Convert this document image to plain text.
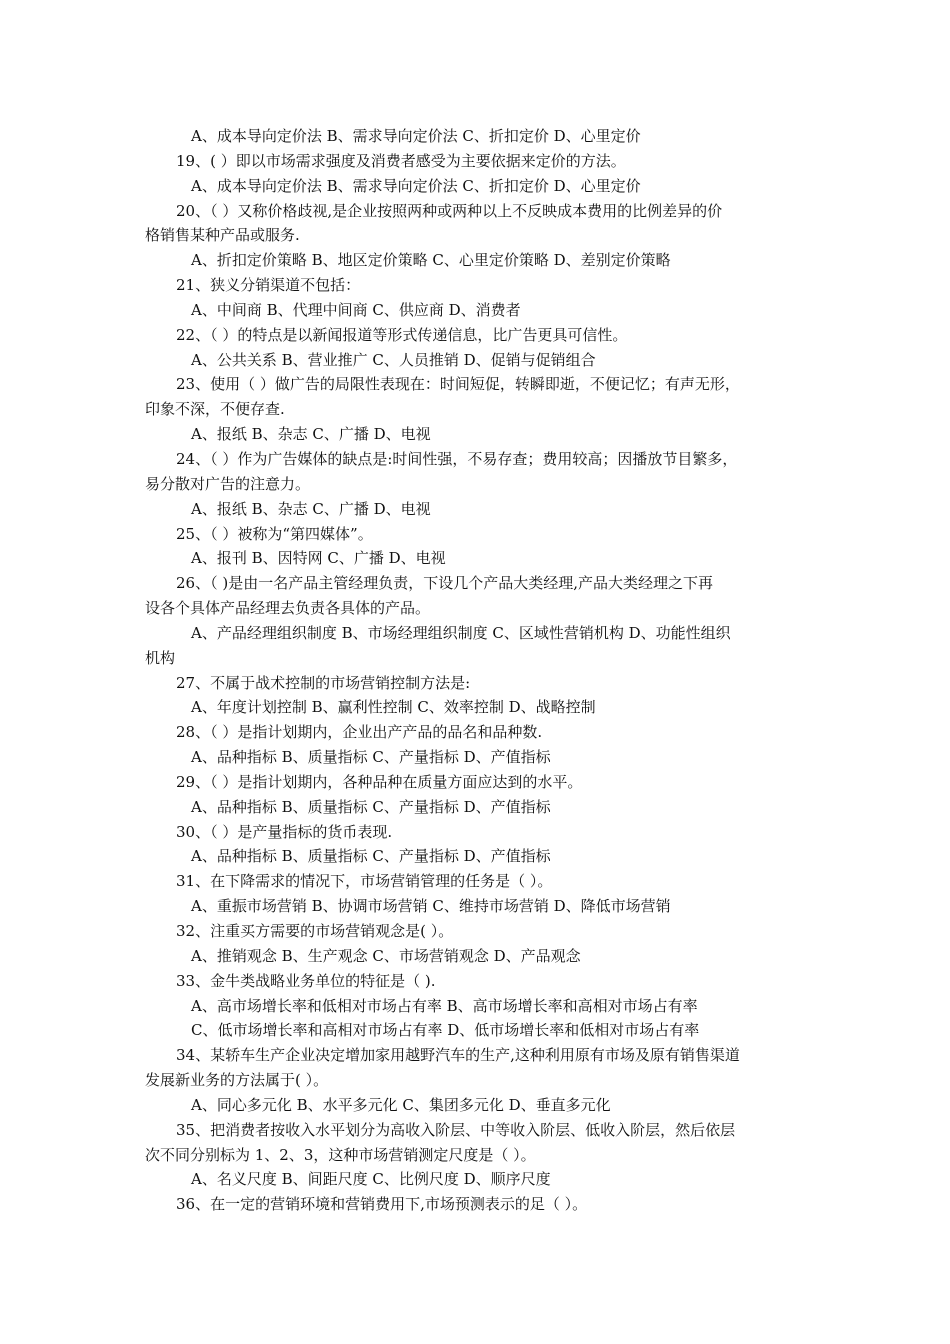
A、成本导向定价法 B、需求导向定价法 C、折扣定价 D、心里定价
19、( ）即以市场需求强度及消费者感受为主要依据来定价的方法。
A、成本导向定价法 B、需求导向定价法 C、折扣定价 D、心里定价
20、（ ）又称价格歧视,是企业按照两种或两种以上不反映成本费用的比例差异的价
格销售某种产品或服务.
A、折扣定价策略 B、地区定价策略 C、心里定价策略 D、差别定价策略
21、狭义分销渠道不包括：
A、中间商 B、代理中间商 C、供应商 D、消费者
22、（ ）的特点是以新闻报道等形式传递信息，比广告更具可信性。
A、公共关系 B、营业推广 C、人员推销 D、促销与促销组合
23、使用（ ）做广告的局限性表现在：时间短促，转瞬即逝，不便记忆；有声无形，
印象不深，不便存查.
A、报纸 B、杂志 C、广播 D、电视
24、（ ）作为广告媒体的缺点是:时间性强，不易存查；费用较高；因播放节目繁多，
易分散对广告的注意力。
A、报纸 B、杂志 C、广播 D、电视
25、（ ）被称为“第四媒体”。
A、报刊 B、因特网 C、广播 D、电视
26、（ )是由一名产品主管经理负责，下设几个产品大类经理,产品大类经理之下再
设各个具体产品经理去负责各具体的产品。
A、产品经理组织制度 B、市场经理组织制度 C、区域性营销机构 D、功能性组织
机构
27、不属于战术控制的市场营销控制方法是:
A、年度计划控制 B、赢利性控制 C、效率控制 D、战略控制
28、（ ）是指计划期内，企业出产产品的品名和品种数.
A、品种指标 B、质量指标 C、产量指标 D、产值指标
29、（ ）是指计划期内，各种品种在质量方面应达到的水平。
A、品种指标 B、质量指标 C、产量指标 D、产值指标
30、（ ）是产量指标的货币表现.
A、品种指标 B、质量指标 C、产量指标 D、产值指标
31、在下降需求的情况下，市场营销管理的任务是（ ）。
A、重振市场营销 B、协调市场营销 C、维持市场营销 D、降低市场营销
32、注重买方需要的市场营销观念是( ）。
A、推销观念 B、生产观念 C、市场营销观念 D、产品观念
33、金牛类战略业务单位的特征是（ ).
A、高市场增长率和低相对市场占有率 B、高市场增长率和高相对市场占有率
C、低市场增长率和高相对市场占有率 D、低市场增长率和低相对市场占有率
34、某轿车生产企业决定增加家用越野汽车的生产,这种利用原有市场及原有销售渠道
发展新业务的方法属于( ）。
A、同心多元化 B、水平多元化 C、集团多元化 D、垂直多元化
35、把消费者按收入水平划分为高收入阶层、中等收入阶层、低收入阶层，然后依层
次不同分别标为 1、2、3，这种市场营销测定尺度是（ ）。
A、名义尺度 B、间距尺度 C、比例尺度 D、顺序尺度
36、在一定的营销环境和营销费用下,市场预测表示的足（ ）。
